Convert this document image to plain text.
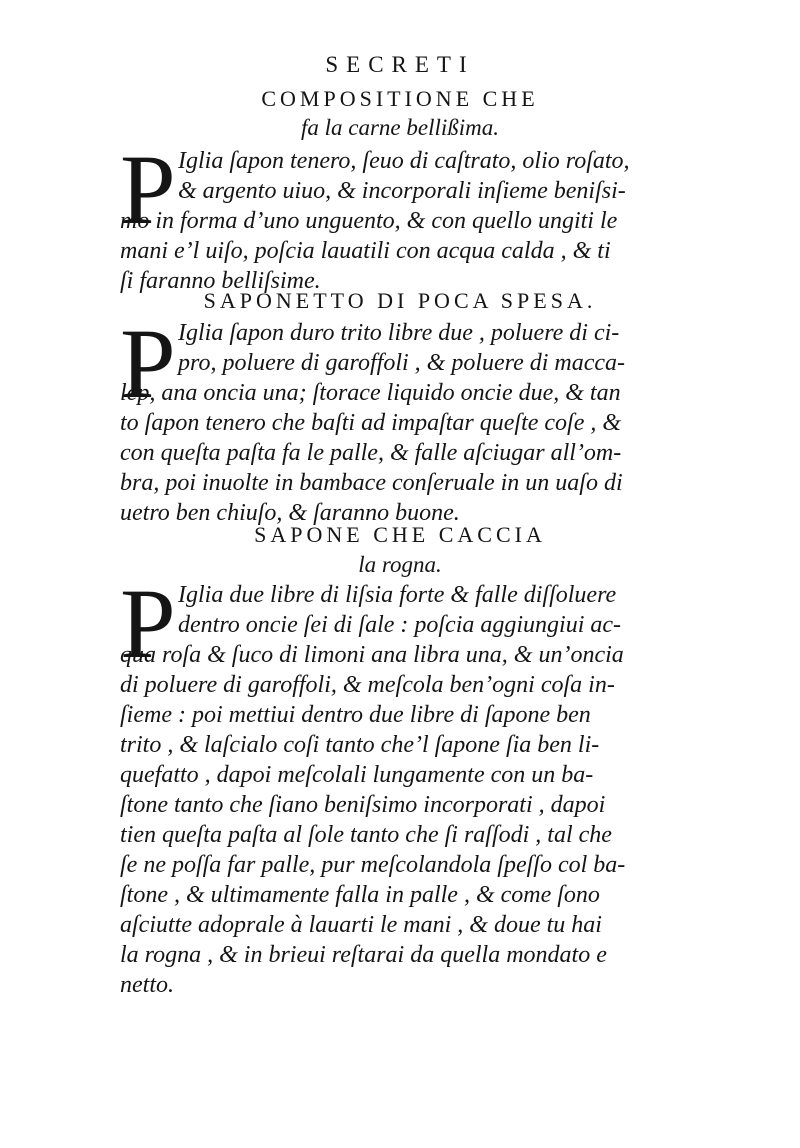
SECRETI
COMPOSITIONE CHE
fa la carne bellißima.
P Iglia ſapon tenero, ſeuo di caſtrato, olio roſato,
& argento uiuo, & incorporali inſieme beniſsi-
mo in forma d’uno unguento, & con quello ungiti le
mani e’l uiſo, poſcia lauatili con acqua calda , & ti
ſi faranno belliſsime.
SAPONETTO DI POCA SPESA.
P Iglia ſapon duro trito libre due , poluere di ci-
pro, poluere di garoffoli , & poluere di macca-
lep, ana oncia una; ſtorace liquido oncie due, & tan
to ſapon tenero che baſti ad impaſtar queſte coſe , &
con queſta paſta fa le palle, & falle aſciugar all’om-
bra, poi inuolte in bambace conſeruale in un uaſo di
uetro ben chiuſo, & ſaranno buone.
SAPONE CHE CACCIA
la rogna.
P Iglia due libre di liſsia forte & falle diſſoluere
dentro oncie ſei di ſale : poſcia aggiungiui ac-
qua roſa & ſuco di limoni ana libra una, & un’oncia
di poluere di garoffoli, & meſcola ben’ogni coſa in-
ſieme : poi mettiui dentro due libre di ſapone ben
trito , & laſcialo coſi tanto che’l ſapone ſia ben li-
quefatto , dapoi meſcolali lungamente con un ba-
ſtone tanto che ſiano beniſsimo incorporati , dapoi
tien queſta paſta al ſole tanto che ſi raſſodi , tal che
ſe ne poſſa far palle, pur meſcolandola ſpeſſo col ba-
ſtone , & ultimamente falla in palle , & come ſono
aſciutte adoprale à lauarti le mani , & doue tu hai
la rogna , & in brieui reſtarai da quella mondato e
netto.
